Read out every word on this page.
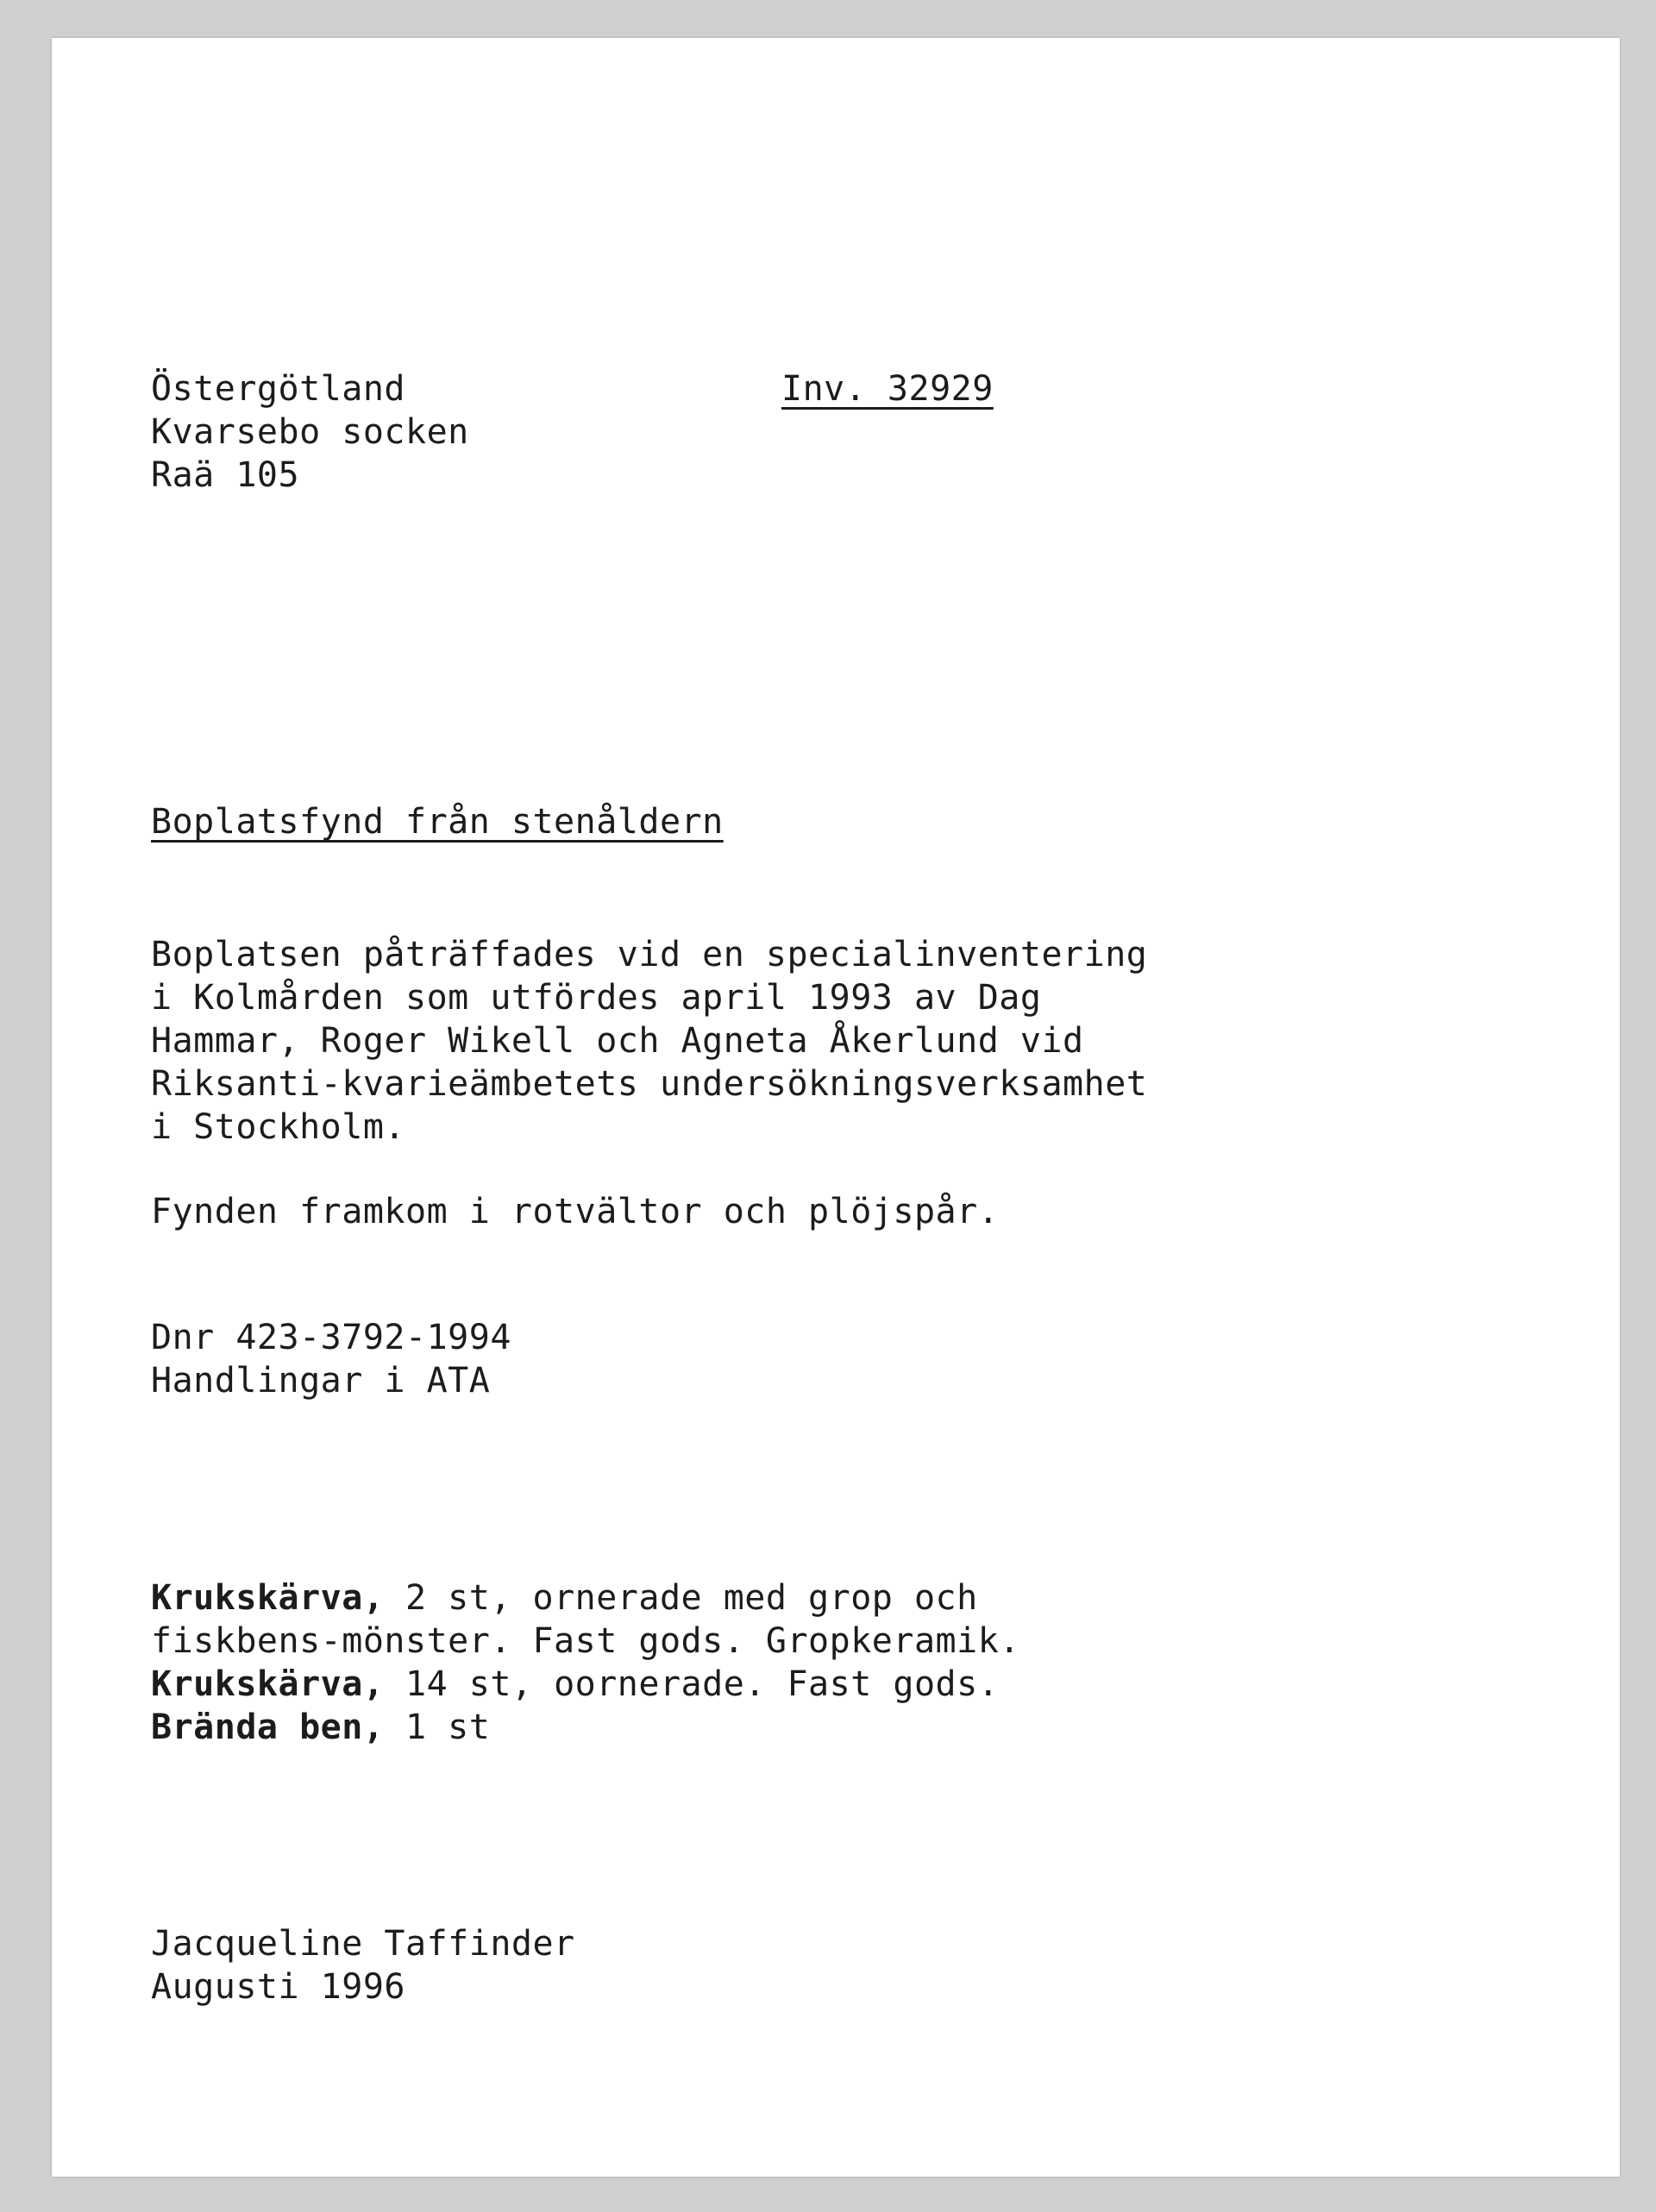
Östergötland	Inv. 32929
Kvarsebo socken
Raä 105
Boplatsfynd från stenåldern
Boplatsen påträffades vid en specialinventering
i Kolmården som utfördes april 1993 av Dag
Hammar, Roger Wikell och Agneta Åkerlund vid
Riksanti-kvarieämbetets undersökningsverksamhet
i Stockholm.
Fynden framkom i rotvältor och plöjspår.
Dnr 423-3792-1994
Handlingar i ATA
Krukskärva, 2 st, ornerade med grop och
fiskbens-mönster. Fast gods. Gropkeramik.
Krukskärva, 14 st, oornerade. Fast gods.
Brända ben, 1 st
Jacqueline Taffinder
Augusti 1996
